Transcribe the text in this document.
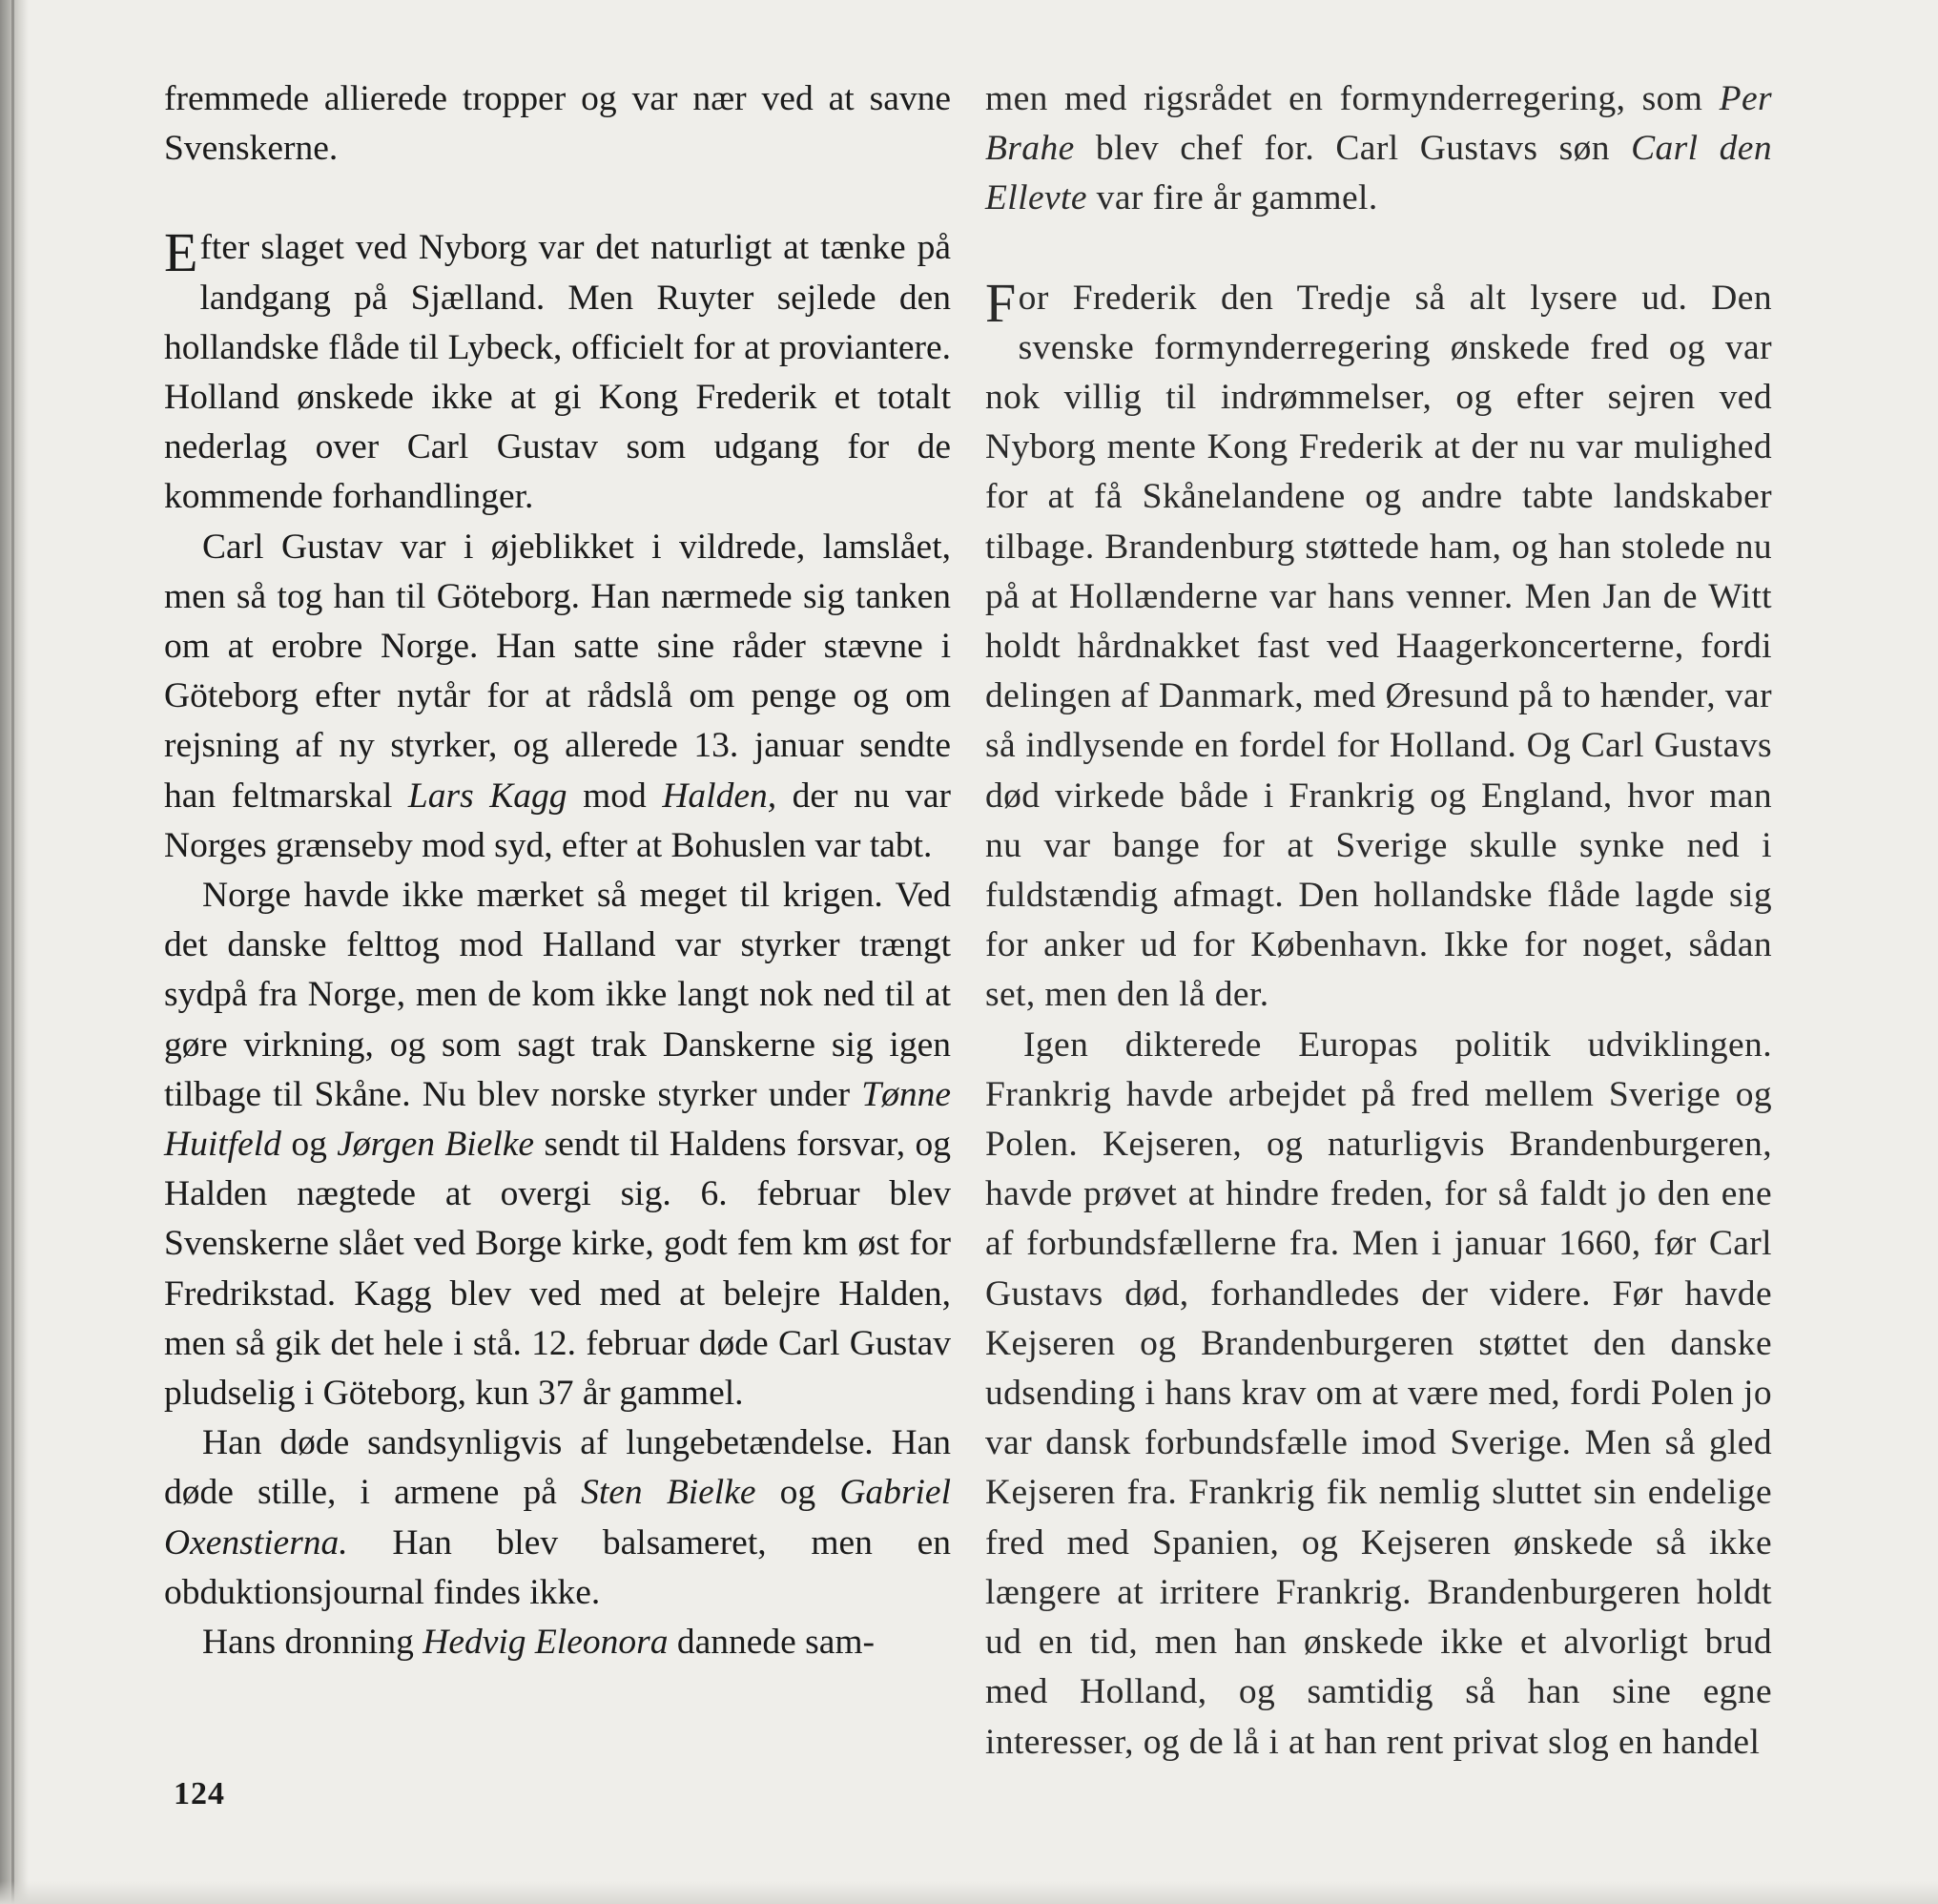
fremmede allierede tropper og var nær ved at savne Svenskerne.

Efter slaget ved Nyborg var det naturligt at tænke på landgang på Sjælland. Men Ruyter sejlede den hollandske flåde til Lybeck, officielt for at proviantere. Holland ønskede ikke at gi Kong Frederik et totalt nederlag over Carl Gustav som udgang for de kommende forhandlinger.

Carl Gustav var i øjeblikket i vildrede, lamslået, men så tog han til Göteborg. Han nærmede sig tanken om at erobre Norge. Han satte sine råder stævne i Göteborg efter nytår for at rådslå om penge og om rejsning af ny styrker, og allerede 13. januar sendte han feltmarskal Lars Kagg mod Halden, der nu var Norges grænseby mod syd, efter at Bohuslen var tabt.

Norge havde ikke mærket så meget til krigen. Ved det danske felttog mod Halland var styrker trængt sydpå fra Norge, men de kom ikke langt nok ned til at gøre virkning, og som sagt trak Danskerne sig igen tilbage til Skåne. Nu blev norske styrker under Tønne Huitfeld og Jørgen Bielke sendt til Haldens forsvar, og Halden nægtede at overgi sig. 6. februar blev Svenskerne slået ved Borge kirke, godt fem km øst for Fredrikstad. Kagg blev ved med at belejre Halden, men så gik det hele i stå. 12. februar døde Carl Gustav pludselig i Göteborg, kun 37 år gammel.

Han døde sandsynligvis af lungebetændelse. Han døde stille, i armene på Sten Bielke og Gabriel Oxenstierna. Han blev balsameret, men en obduktionsjournal findes ikke.

Hans dronning Hedvig Eleonora dannede sam-

men med rigsrådet en formynderregering, som Per Brahe blev chef for. Carl Gustavs søn Carl den Ellevte var fire år gammel.

F or Frederik den Tredje så alt lysere ud. Den svenske formynderregering ønskede fred og var nok villig til indrømmelser, og efter sejren ved Nyborg mente Kong Frederik at der nu var mulighed for at få Skånelandene og andre tabte landskaber tilbage. Brandenburg støttede ham, og han stolede nu på at Hollænderne var hans venner. Men Jan de Witt holdt hårdnakket fast ved Haagerkoncerterne, fordi delingen af Danmark, med Øresund på to hænder, var så indlysende en fordel for Holland. Og Carl Gustavs død virkede både i Frankrig og England, hvor man nu var bange for at Sverige skulle synke ned i fuldstændig afmagt. Den hollandske flåde lagde sig for anker ud for København. Ikke for noget, sådan set, men den lå der.

Igen dikterede Europas politik udviklingen. Frankrig havde arbejdet på fred mellem Sverige og Polen. Kejseren, og naturligvis Brandenburgeren, havde prøvet at hindre freden, for så faldt jo den ene af forbundsfællerne fra. Men i januar 1660, før Carl Gustavs død, forhandledes der videre. Før havde Kejseren og Brandenburgeren støttet den danske udsending i hans krav om at være med, fordi Polen jo var dansk forbundsfælle imod Sverige. Men så gled Kejseren fra. Frankrig fik nemlig sluttet sin endelige fred med Spanien, og Kejseren ønskede så ikke længere at irritere Frankrig. Brandenburgeren holdt ud en tid, men han ønskede ikke et alvorligt brud med Holland, og samtidig så han sine egne interesser, og de lå i at han rent privat slog en handel

124
